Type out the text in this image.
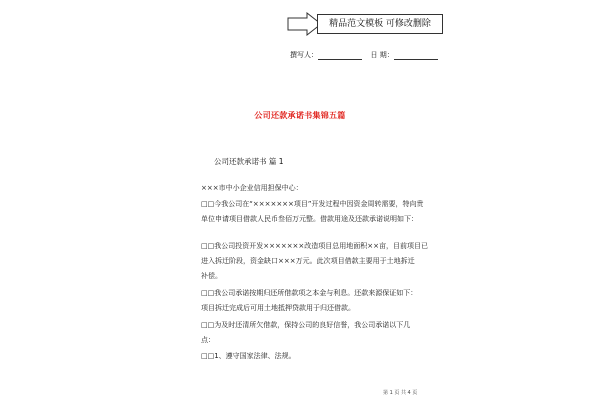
精品范文模板 可修改删除
撰写人：	日 期：
公司还款承诺书集锦五篇
公司还款承诺书 篇 1
×××市中小企业信用担保中心：
□□今我公司在“×××××××项目”开发过程中因资金周转需要，特向贵
单位申请项目借款人民币叁佰万元整。借款用途及还款承诺说明如下：
□□我公司投资开发×××××××改造项目总用地面积××亩，目前项目已
进入拆迁阶段，资金缺口×××万元。此次项目借款主要用于土地拆迁
补偿。
□□我公司承诺按期归还所借款项之本金与利息。还款来源保证如下：
项目拆迁完成后可用土地抵押贷款用于归还借款。
□□为及时还清所欠借款，保持公司的良好信誉，我公司承诺以下几
点：
□□1、遵守国家法律、法规。
第 1 页 共 4 页
